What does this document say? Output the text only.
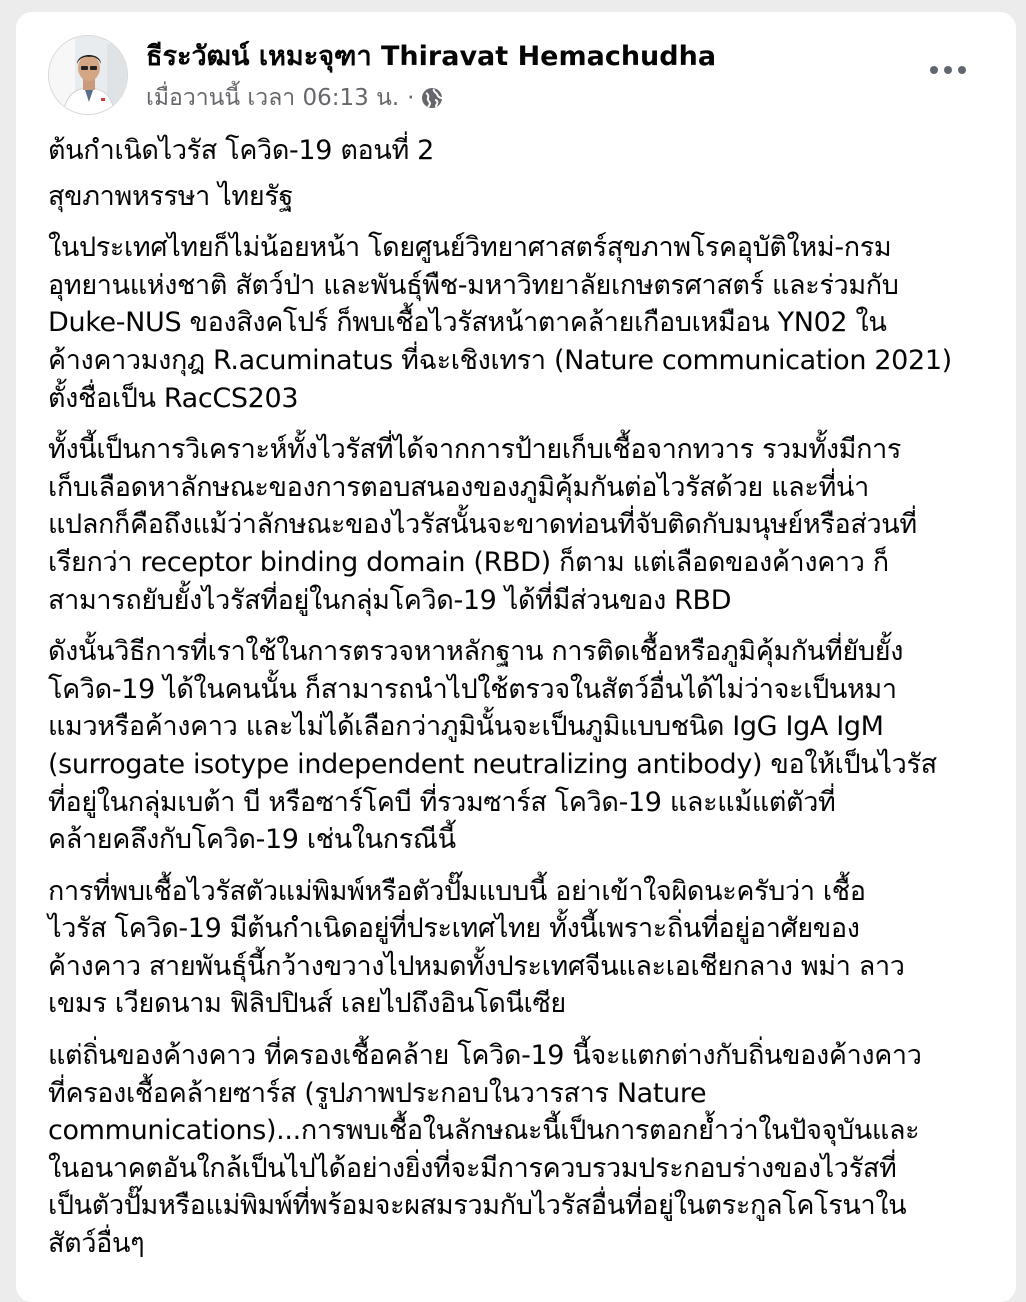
ธีระวัฒน์ เหมะจุฑา Thiravat Hemachudha
เมื่อวานนี้ เวลา 06:13 น. ·

ต้นกำเนิดไวรัส โควิด-19 ตอนที่ 2

สุขภาพหรรษา ไทยรัฐ

ในประเทศไทยก็ไม่น้อยหน้า โดยศูนย์วิทยาศาสตร์สุขภาพโรคอุบัติใหม่-กรม
อุทยานแห่งชาติ สัตว์ป่า และพันธุ์พืช-มหาวิทยาลัยเกษตรศาสตร์ และร่วมกับ
Duke-NUS ของสิงคโปร์ ก็พบเชื้อไวรัสหน้าตาคล้ายเกือบเหมือน YN02 ใน
ค้างคาวมงกุฎ R.acuminatus ที่ฉะเชิงเทรา (Nature communication 2021)
ตั้งชื่อเป็น RacCS203

ทั้งนี้เป็นการวิเคราะห์ทั้งไวรัสที่ได้จากการป้ายเก็บเชื้อจากทวาร รวมทั้งมีการ
เก็บเลือดหาลักษณะของการตอบสนองของภูมิคุ้มกันต่อไวรัสด้วย และที่น่า
แปลกก็คือถึงแม้ว่าลักษณะของไวรัสนั้นจะขาดท่อนที่จับติดกับมนุษย์หรือส่วนที่
เรียกว่า receptor binding domain (RBD) ก็ตาม แต่เลือดของค้างคาว ก็
สามารถยับยั้งไวรัสที่อยู่ในกลุ่มโควิด-19 ได้ที่มีส่วนของ RBD

ดังนั้นวิธีการที่เราใช้ในการตรวจหาหลักฐาน การติดเชื้อหรือภูมิคุ้มกันที่ยับยั้ง
โควิด-19 ได้ในคนนั้น ก็สามารถนำไปใช้ตรวจในสัตว์อื่นได้ไม่ว่าจะเป็นหมา
แมวหรือค้างคาว และไม่ได้เลือกว่าภูมินั้นจะเป็นภูมิแบบชนิด IgG IgA IgM
(surrogate isotype independent neutralizing antibody) ขอให้เป็นไวรัส
ที่อยู่ในกลุ่มเบต้า บี หรือซาร์โคบี ที่รวมซาร์ส โควิด-19 และแม้แต่ตัวที่
คล้ายคลึงกับโควิด-19 เช่นในกรณีนี้

การที่พบเชื้อไวรัสตัวแม่พิมพ์หรือตัวปั๊มแบบนี้ อย่าเข้าใจผิดนะครับว่า เชื้อ
ไวรัส โควิด-19 มีต้นกำเนิดอยู่ที่ประเทศไทย ทั้งนี้เพราะถิ่นที่อยู่อาศัยของ
ค้างคาว สายพันธุ์นี้กว้างขวางไปหมดทั้งประเทศจีนและเอเชียกลาง พม่า ลาว
เขมร เวียดนาม ฟิลิปปินส์ เลยไปถึงอินโดนีเซีย

แต่ถิ่นของค้างคาว ที่ครองเชื้อคล้าย โควิด-19 นี้จะแตกต่างกับถิ่นของค้างคาว
ที่ครองเชื้อคล้ายซาร์ส (รูปภาพประกอบในวารสาร Nature
communications)...การพบเชื้อในลักษณะนี้เป็นการตอกย้ำว่าในปัจจุบันและ
ในอนาคตอันใกล้เป็นไปได้อย่างยิ่งที่จะมีการควบรวมประกอบร่างของไวรัสที่
เป็นตัวปั๊มหรือแม่พิมพ์ที่พร้อมจะผสมรวมกับไวรัสอื่นที่อยู่ในตระกูลโคโรนาใน
สัตว์อื่นๆ
